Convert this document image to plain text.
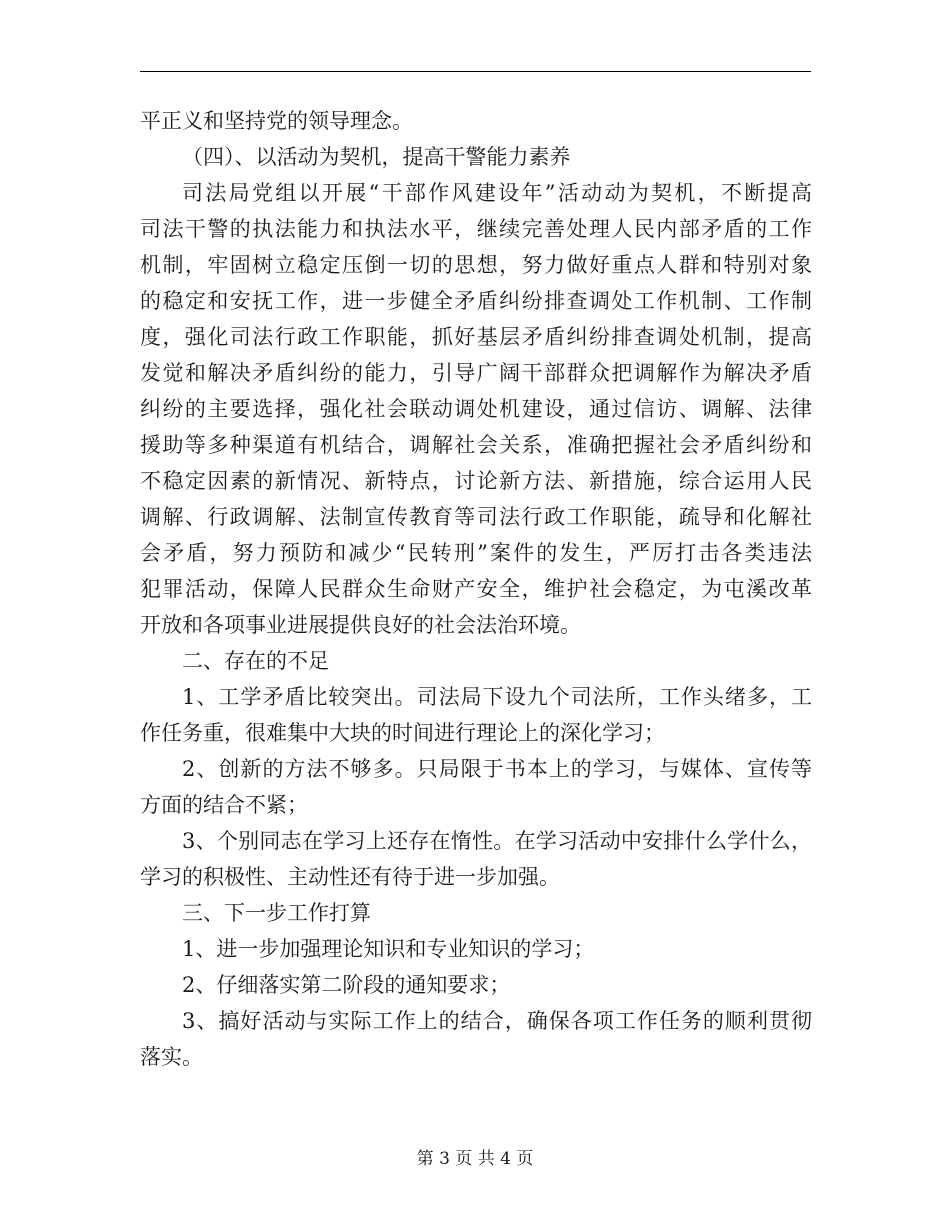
平正义和坚持党的领导理念。
（四）、以活动为契机，提高干警能力素养
司法局党组以开展“干部作风建设年”活动动为契机，不断提高
司法干警的执法能力和执法水平，继续完善处理人民内部矛盾的工作
机制，牢固树立稳定压倒一切的思想，努力做好重点人群和特别对象
的稳定和安抚工作，进一步健全矛盾纠纷排查调处工作机制、工作制
度，强化司法行政工作职能，抓好基层矛盾纠纷排查调处机制，提高
发觉和解决矛盾纠纷的能力，引导广阔干部群众把调解作为解决矛盾
纠纷的主要选择，强化社会联动调处机建设，通过信访、调解、法律
援助等多种渠道有机结合，调解社会关系，准确把握社会矛盾纠纷和
不稳定因素的新情况、新特点，讨论新方法、新措施，综合运用人民
调解、行政调解、法制宣传教育等司法行政工作职能，疏导和化解社
会矛盾，努力预防和减少“民转刑”案件的发生，严厉打击各类违法
犯罪活动，保障人民群众生命财产安全，维护社会稳定，为屯溪改革
开放和各项事业进展提供良好的社会法治环境。
二、存在的不足
1、工学矛盾比较突出。司法局下设九个司法所，工作头绪多，工
作任务重，很难集中大块的时间进行理论上的深化学习；
2、创新的方法不够多。只局限于书本上的学习，与媒体、宣传等
方面的结合不紧；
3、个别同志在学习上还存在惰性。在学习活动中安排什么学什么，
学习的积极性、主动性还有待于进一步加强。
三、下一步工作打算
1、进一步加强理论知识和专业知识的学习；
2、仔细落实第二阶段的通知要求；
3、搞好活动与实际工作上的结合，确保各项工作任务的顺利贯彻
落实。
第 3 页 共 4 页
